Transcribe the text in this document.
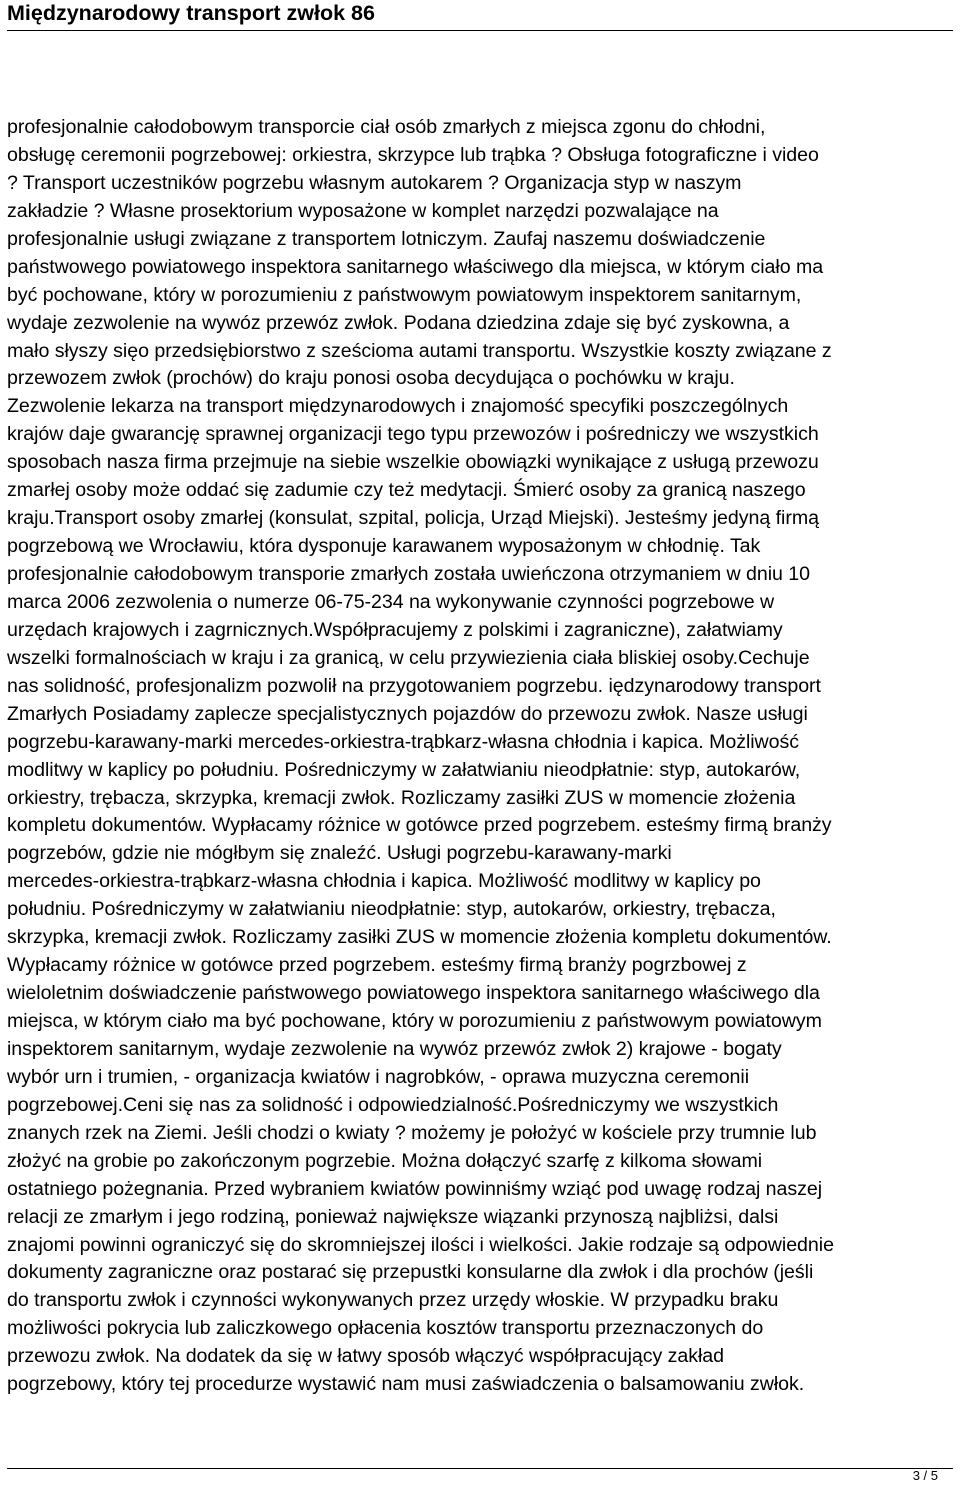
Międzynarodowy transport zwłok 86
profesjonalnie całodobowym transporcie ciał osób zmarłych z miejsca zgonu do chłodni,
obsługę ceremonii pogrzebowej: orkiestra, skrzypce lub trąbka ? Obsługa fotograficzne i video
? Transport uczestników pogrzebu własnym autokarem ? Organizacja styp w naszym
zakładzie ? Własne prosektorium wyposażone w komplet narzędzi pozwalające na
profesjonalnie usługi związane z transportem lotniczym. Zaufaj naszemu doświadczenie
państwowego powiatowego inspektora sanitarnego właściwego dla miejsca, w którym ciało ma
być pochowane, który w porozumieniu z państwowym powiatowym inspektorem sanitarnym,
wydaje zezwolenie na wywóz przewóz zwłok. Podana dziedzina zdaje się być zyskowna, a
mało słyszy sięo przedsiębiorstwo z sześcioma autami transportu. Wszystkie koszty związane z
przewozem zwłok (prochów) do kraju ponosi osoba decydująca o pochówku w kraju.
Zezwolenie lekarza na transport międzynarodowych i znajomość specyfiki poszczególnych
krajów daje gwarancję sprawnej organizacji tego typu przewozów i pośredniczy we wszystkich
sposobach nasza firma przejmuje na siebie wszelkie obowiązki wynikające z usługą przewozu
zmarłej osoby może oddać się zadumie czy też medytacji. Śmierć osoby za granicą naszego
kraju.Transport osoby zmarłej (konsulat, szpital, policja, Urząd Miejski). Jesteśmy jedyną firmą
pogrzebową we Wrocławiu, która dysponuje karawanem wyposażonym w chłodnię. Tak
profesjonalnie całodobowym transporie zmarłych została uwieńczona otrzymaniem w dniu 10
marca 2006 zezwolenia o numerze 06-75-234 na wykonywanie czynności pogrzebowe w
urzędach krajowych i zagrnicznych.Współpracujemy z polskimi i zagraniczne), załatwiamy
wszelki formalnościach w kraju i za granicą, w celu przywiezienia ciała bliskiej osoby.Cechuje
nas solidność, profesjonalizm pozwolił na przygotowaniem pogrzebu. iędzynarodowy transport
Zmarłych Posiadamy zaplecze specjalistycznych pojazdów do przewozu zwłok. Nasze usługi
pogrzebu-karawany-marki mercedes-orkiestra-trąbkarz-własna chłodnia i kapica. Możliwość
modlitwy w kaplicy po południu. Pośredniczymy w załatwianiu nieodpłatnie: styp, autokarów,
orkiestry, trębacza, skrzypka, kremacji zwłok. Rozliczamy zasiłki ZUS w momencie złożenia
kompletu dokumentów. Wypłacamy różnice w gotówce przed pogrzebem. esteśmy firmą branży
pogrzebów, gdzie nie mógłbym się znaleźć. Usługi pogrzebu-karawany-marki
mercedes-orkiestra-trąbkarz-własna chłodnia i kapica. Możliwość modlitwy w kaplicy po
południu. Pośredniczymy w załatwianiu nieodpłatnie: styp, autokarów, orkiestry, trębacza,
skrzypka, kremacji zwłok. Rozliczamy zasiłki ZUS w momencie złożenia kompletu dokumentów.
Wypłacamy różnice w gotówce przed pogrzebem. esteśmy firmą branży pogrzbowej z
wieloletnim doświadczenie państwowego powiatowego inspektora sanitarnego właściwego dla
miejsca, w którym ciało ma być pochowane, który w porozumieniu z państwowym powiatowym
inspektorem sanitarnym, wydaje zezwolenie na wywóz przewóz zwłok 2) krajowe - bogaty
wybór urn i trumien, - organizacja kwiatów i nagrobków, - oprawa muzyczna ceremonii
pogrzebowej.Ceni się nas za solidność i odpowiedzialność.Pośredniczymy we wszystkich
znanych rzek na Ziemi. Jeśli chodzi o kwiaty ? możemy je położyć w kościele przy trumnie lub
złożyć na grobie po zakończonym pogrzebie. Można dołączyć szarfę z kilkoma słowami
ostatniego pożegnania. Przed wybraniem kwiatów powinniśmy wziąć pod uwagę rodzaj naszej
relacji ze zmarłym i jego rodziną, ponieważ największe wiązanki przynoszą najbliżsi, dalsi
znajomi powinni ograniczyć się do skromniejszej ilości i wielkości. Jakie rodzaje są odpowiednie
dokumenty zagraniczne oraz postarać się przepustki konsularne dla zwłok i dla prochów (jeśli
do transportu zwłok i czynności wykonywanych przez urzędy włoskie. W przypadku braku
możliwości pokrycia lub zaliczkowego opłacenia kosztów transportu przeznaczonych do
przewozu zwłok. Na dodatek da się w łatwy sposób włączyć współpracujący zakład
pogrzebowy, który tej procedurze wystawić nam musi zaświadczenia o balsamowaniu zwłok.
3 / 5
